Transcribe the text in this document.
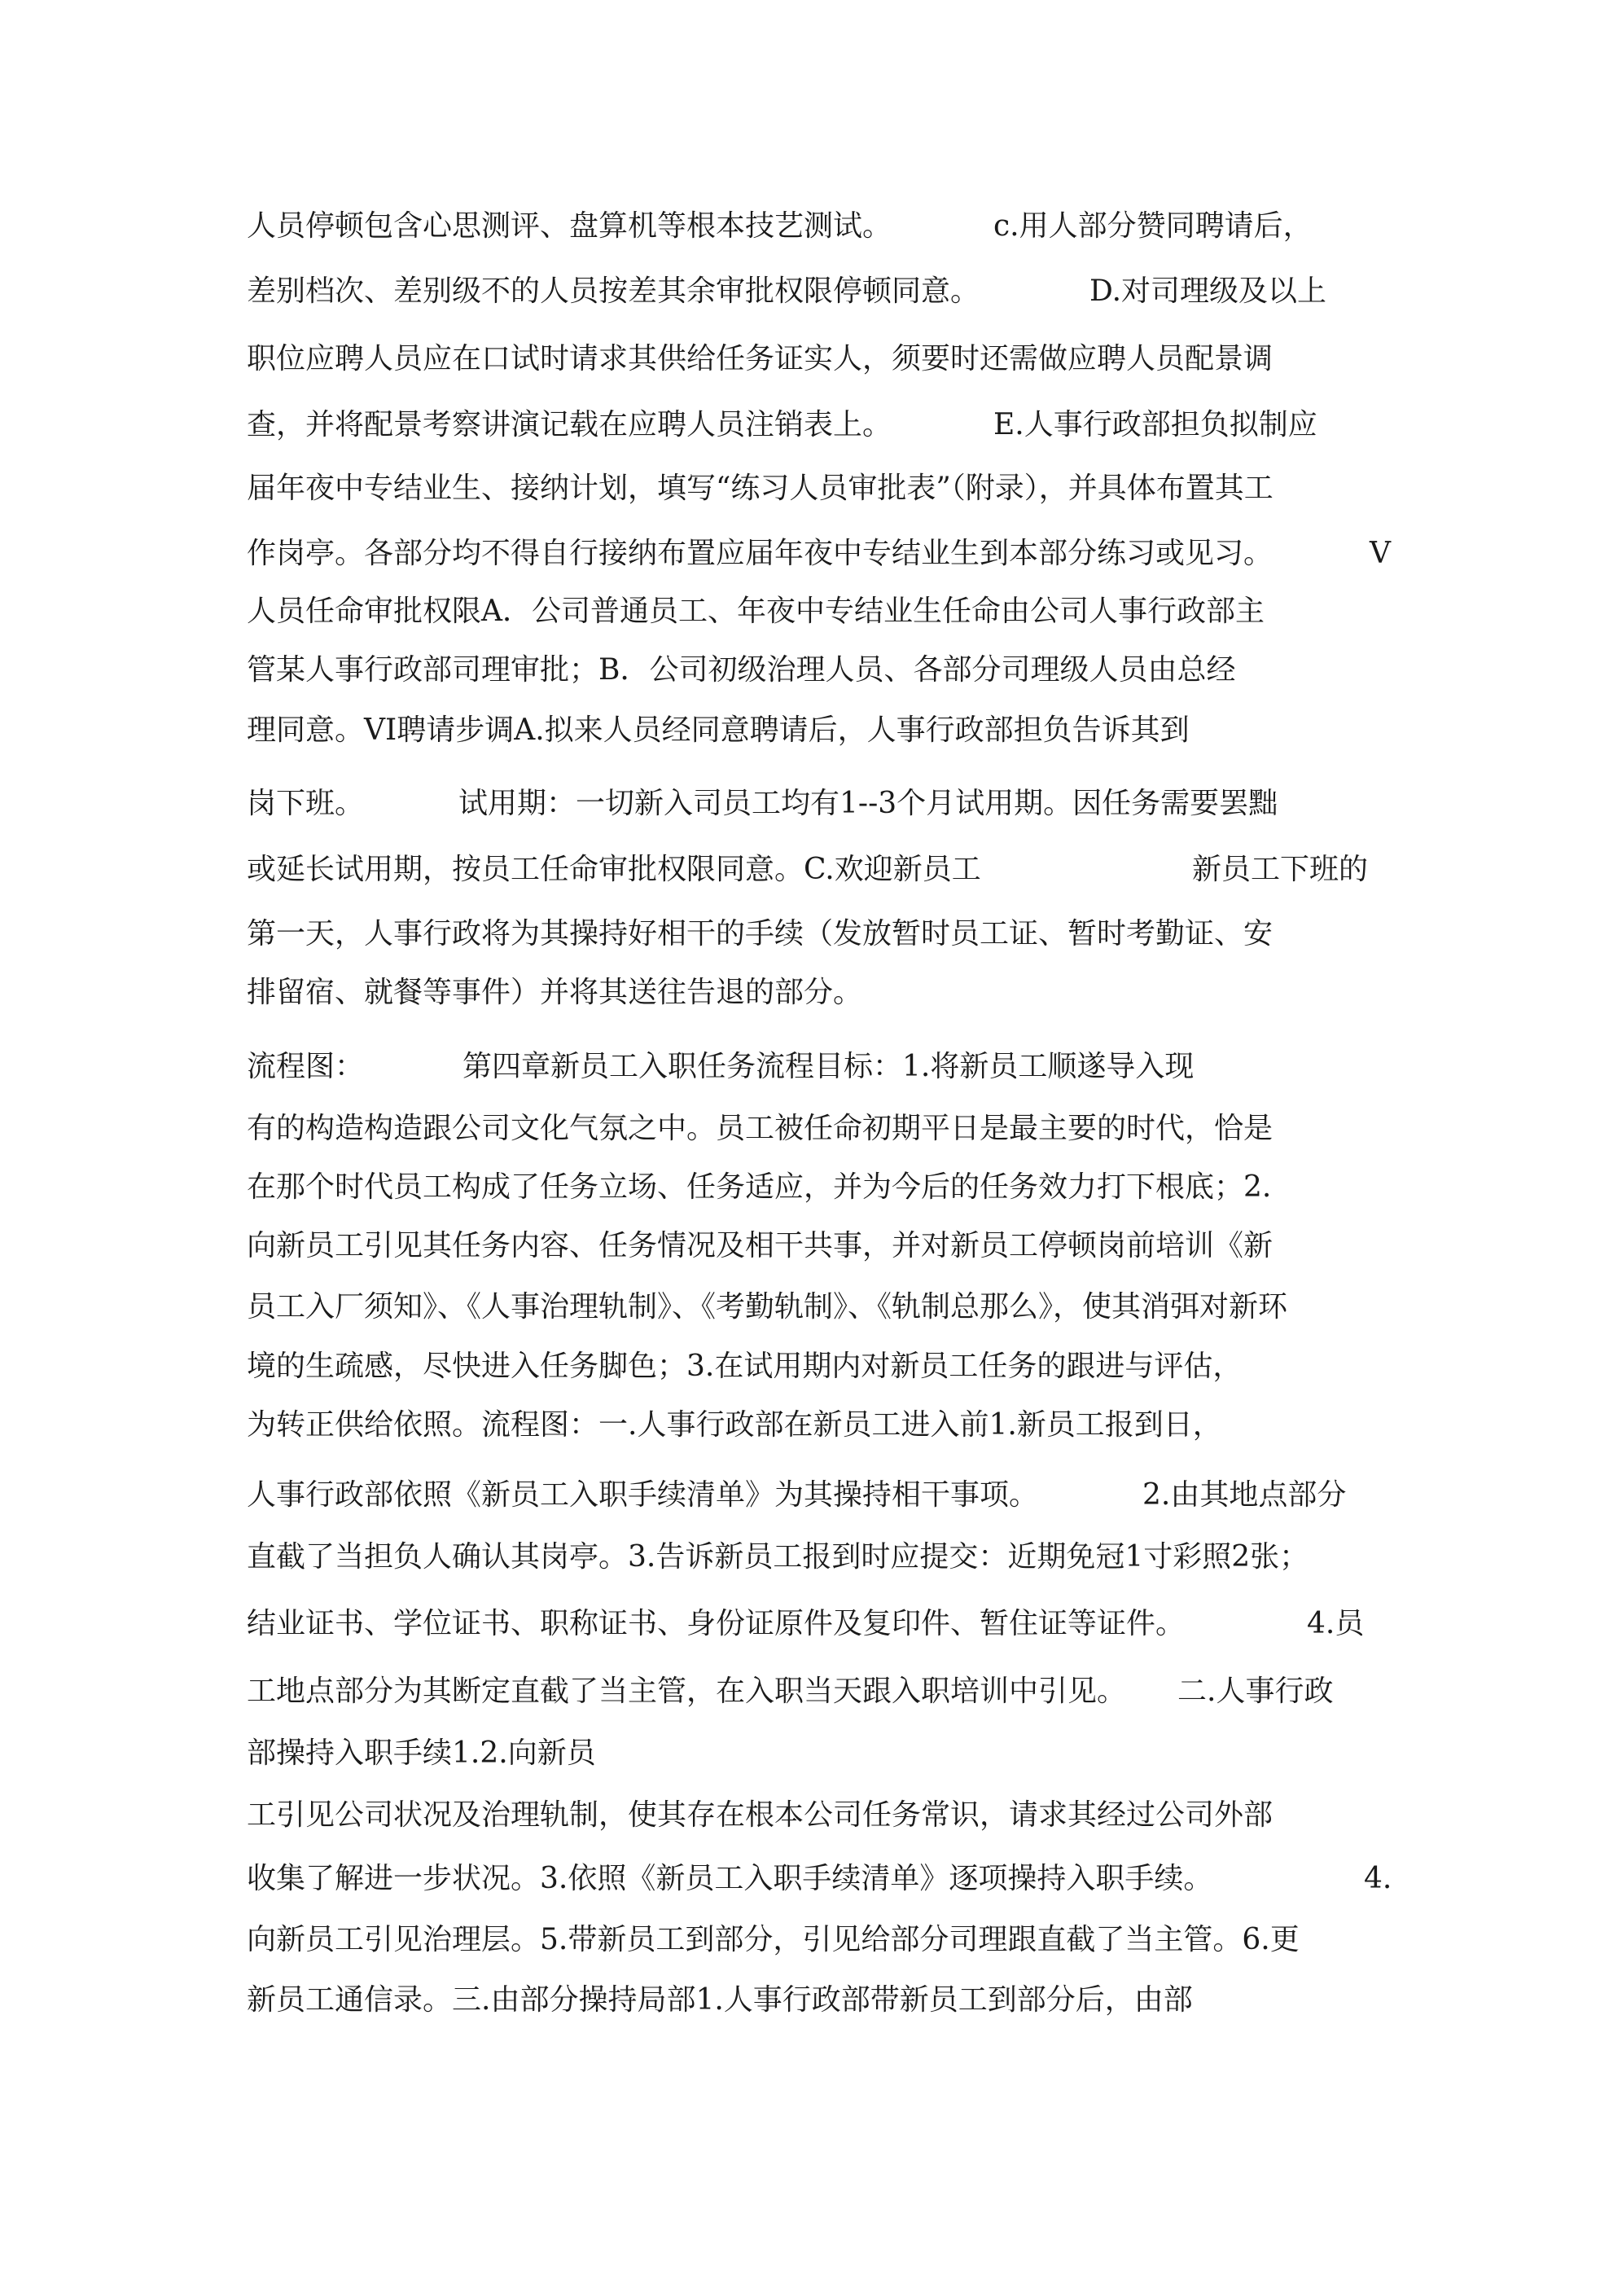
人员停顿包含心思测评、盘算机等根本技艺测试。	c.用人部分赞同聘请后，
差别档次、差别级不的人员按差其余审批权限停顿同意。	D.对司理级及以上
职位应聘人员应在口试时请求其供给任务证实人，须要时还需做应聘人员配景调
查，并将配景考察讲演记载在应聘人员注销表上。	E.人事行政部担负拟制应
届年夜中专结业生、接纳计划，填写“练习人员审批表”（附录），并具体布置其工
作岗亭。各部分均不得自行接纳布置应届年夜中专结业生到本部分练习或见习。	V
人员任命审批权限A．公司普通员工、年夜中专结业生任命由公司人事行政部主
管某人事行政部司理审批；B．公司初级治理人员、各部分司理级人员由总经
理同意。VI聘请步调A.拟来人员经同意聘请后，人事行政部担负告诉其到
岗下班。	试用期：一切新入司员工均有1--3个月试用期。因任务需要罢黜
或延长试用期，按员工任命审批权限同意。C.欢迎新员工	新员工下班的
第一天，人事行政将为其操持好相干的手续（发放暂时员工证、暂时考勤证、安
排留宿、就餐等事件）并将其送往告退的部分。
流程图：	第四章新员工入职任务流程目标：1.将新员工顺遂导入现
有的构造构造跟公司文化气氛之中。员工被任命初期平日是最主要的时代，恰是
在那个时代员工构成了任务立场、任务适应，并为今后的任务效力打下根底；2.
向新员工引见其任务内容、任务情况及相干共事，并对新员工停顿岗前培训《新
员工入厂须知》、《人事治理轨制》、《考勤轨制》、《轨制总那么》，使其消弭对新环
境的生疏感，尽快进入任务脚色；3.在试用期内对新员工任务的跟进与评估，
为转正供给依照。流程图：一.人事行政部在新员工进入前1.新员工报到日，
人事行政部依照《新员工入职手续清单》为其操持相干事项。	2.由其地点部分
直截了当担负人确认其岗亭。3.告诉新员工报到时应提交：近期免冠1寸彩照2张；
结业证书、学位证书、职称证书、身份证原件及复印件、暂住证等证件。	4.员
工地点部分为其断定直截了当主管，在入职当天跟入职培训中引见。 二.人事行政
部操持入职手续1.2.向新员
工引见公司状况及治理轨制，使其存在根本公司任务常识，请求其经过公司外部
收集了解进一步状况。3.依照《新员工入职手续清单》逐项操持入职手续。	4.
向新员工引见治理层。5.带新员工到部分，引见给部分司理跟直截了当主管。6.更
新员工通信录。三.由部分操持局部1.人事行政部带新员工到部分后，由部
